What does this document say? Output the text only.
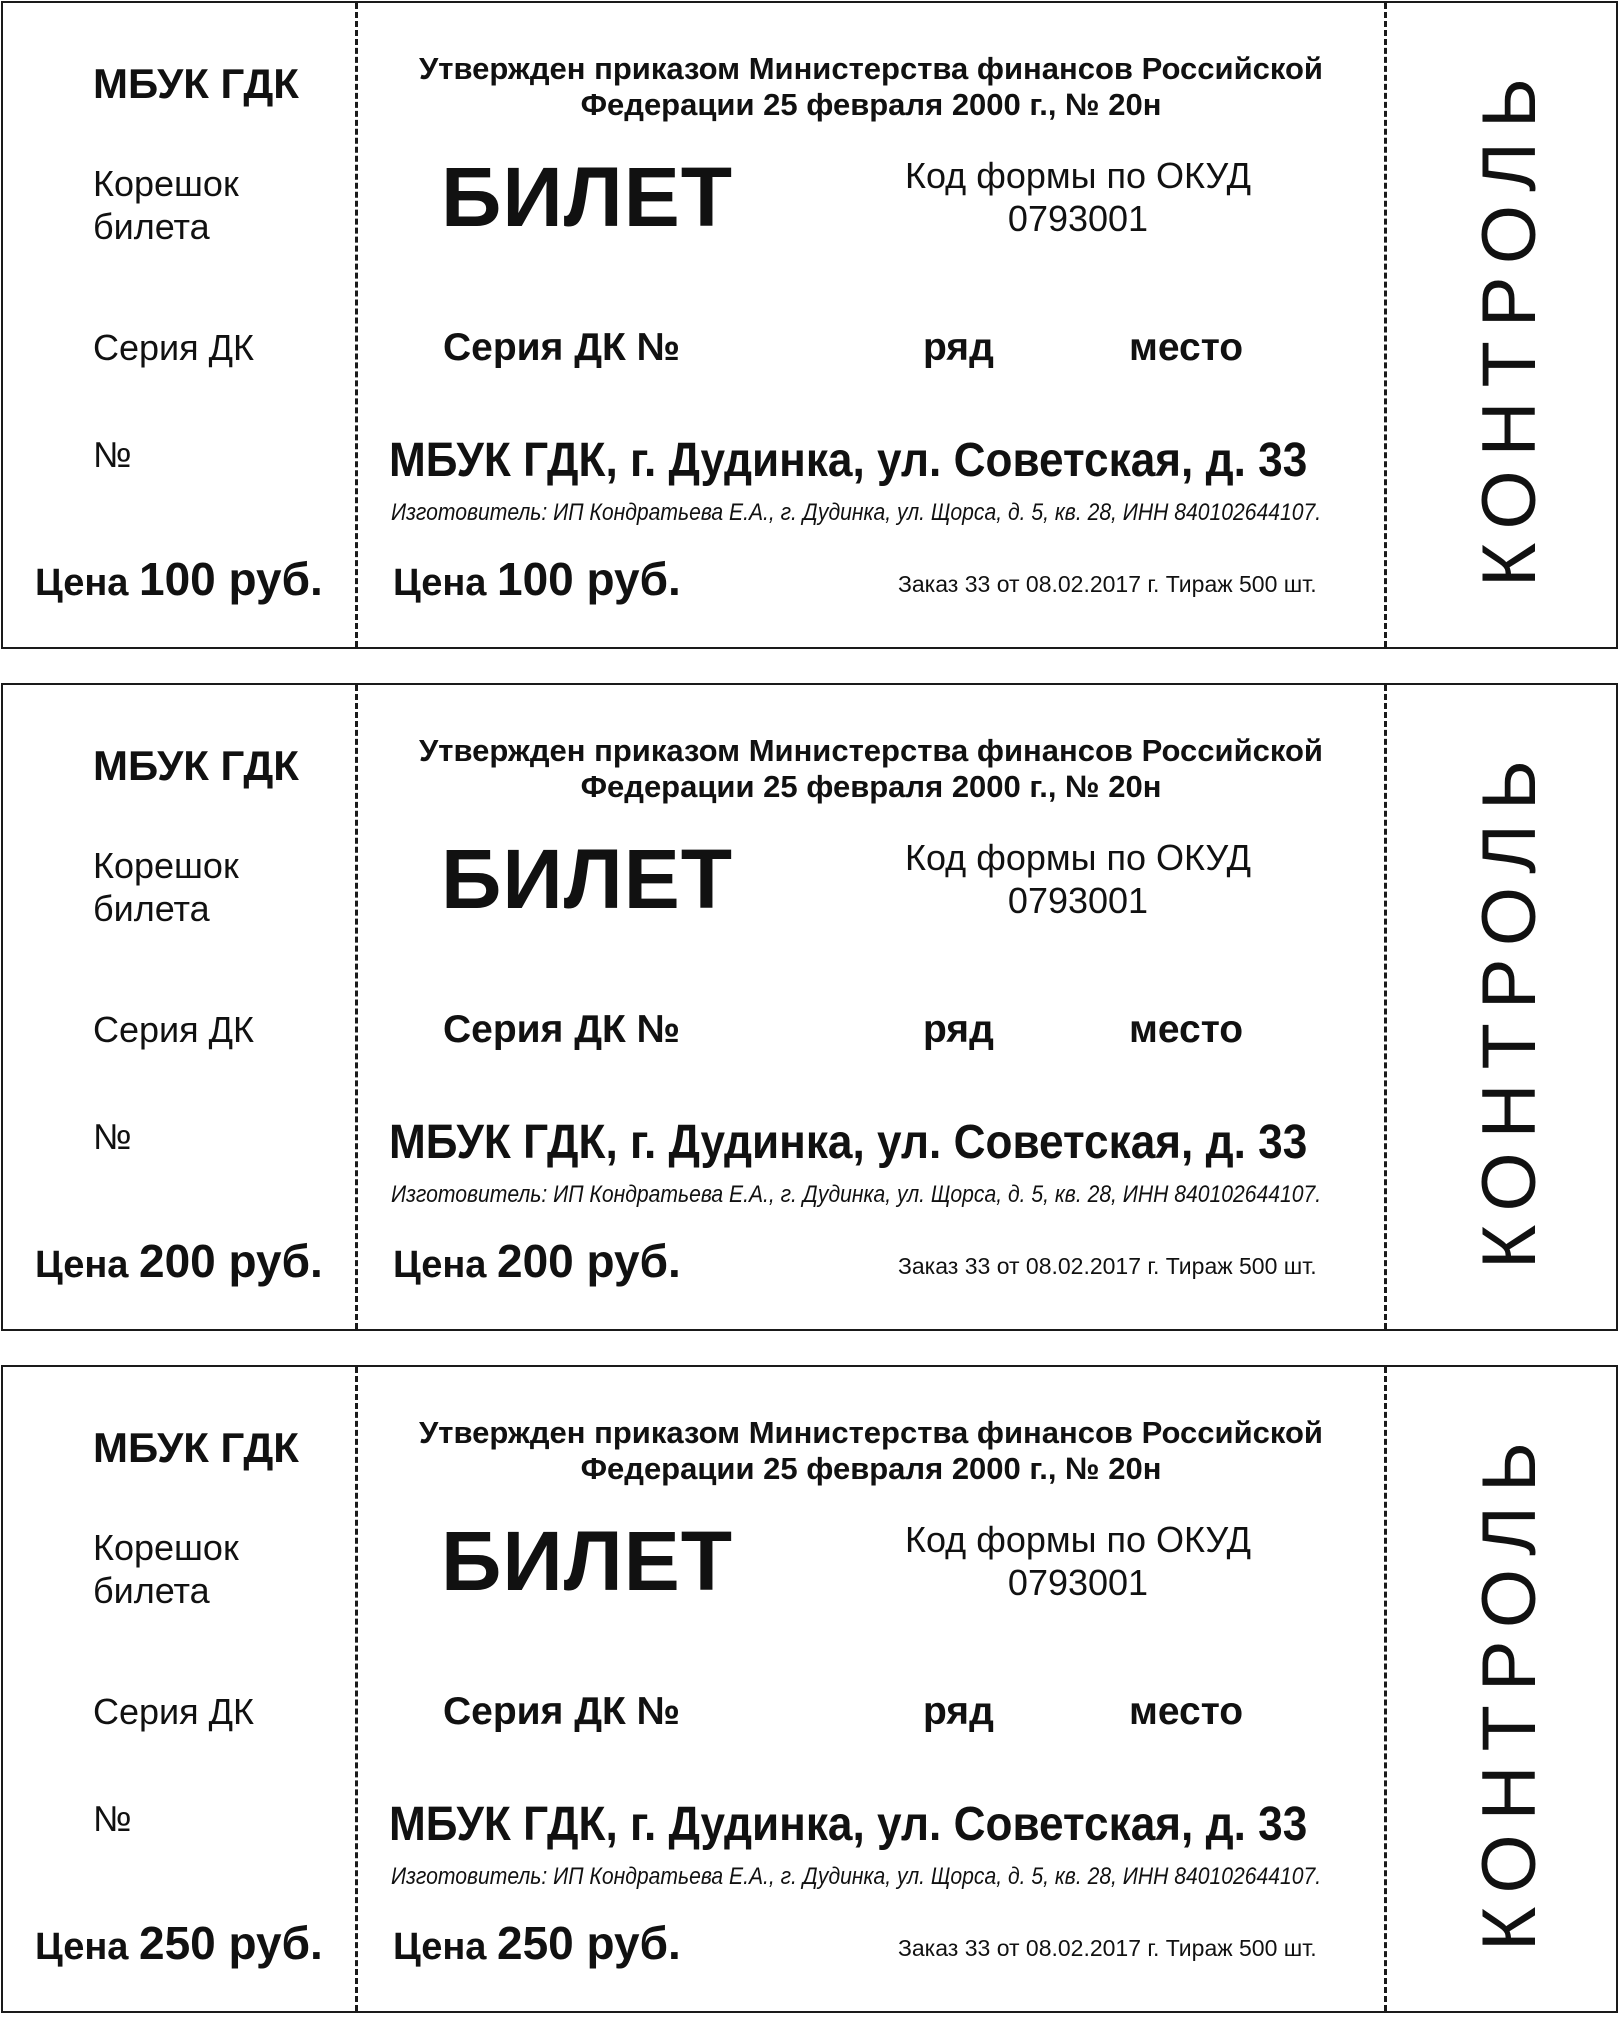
МБУК ГДК
Корешок билета
Серия ДК
№
Цена 100 руб.
Утвержден приказом Министерства финансов Российской Федерации 25 февраля 2000 г., № 20н
БИЛЕТ	Код формы по ОКУД 0793001
Серия ДК №	ряд	место
МБУК ГДК, г. Дудинка, ул. Советская, д. 33
Изготовитель: ИП Кондратьева Е.А., г. Дудинка, ул. Щорса, д. 5, кв. 28, ИНН 840102644107.
Цена 100 руб.	Заказ 33 от 08.02.2017 г. Тираж 500 шт. КОНТРОЛЬ
МБУК ГДК
Корешок билета
Серия ДК
№
Цена 200 руб.
Утвержден приказом Министерства финансов Российской Федерации 25 февраля 2000 г., № 20н
БИЛЕТ	Код формы по ОКУД 0793001
Серия ДК №	ряд	место
МБУК ГДК, г. Дудинка, ул. Советская, д. 33
Изготовитель: ИП Кондратьева Е.А., г. Дудинка, ул. Щорса, д. 5, кв. 28, ИНН 840102644107.
Цена 200 руб.	Заказ 33 от 08.02.2017 г. Тираж 500 шт. КОНТРОЛЬ
МБУК ГДК
Корешок билета
Серия ДК
№
Цена 250 руб.
Утвержден приказом Министерства финансов Российской Федерации 25 февраля 2000 г., № 20н
БИЛЕТ	Код формы по ОКУД 0793001
Серия ДК №	ряд	место
МБУК ГДК, г. Дудинка, ул. Советская, д. 33
Изготовитель: ИП Кондратьева Е.А., г. Дудинка, ул. Щорса, д. 5, кв. 28, ИНН 840102644107.
Цена 250 руб.	Заказ 33 от 08.02.2017 г. Тираж 500 шт. КОНТРОЛЬ
